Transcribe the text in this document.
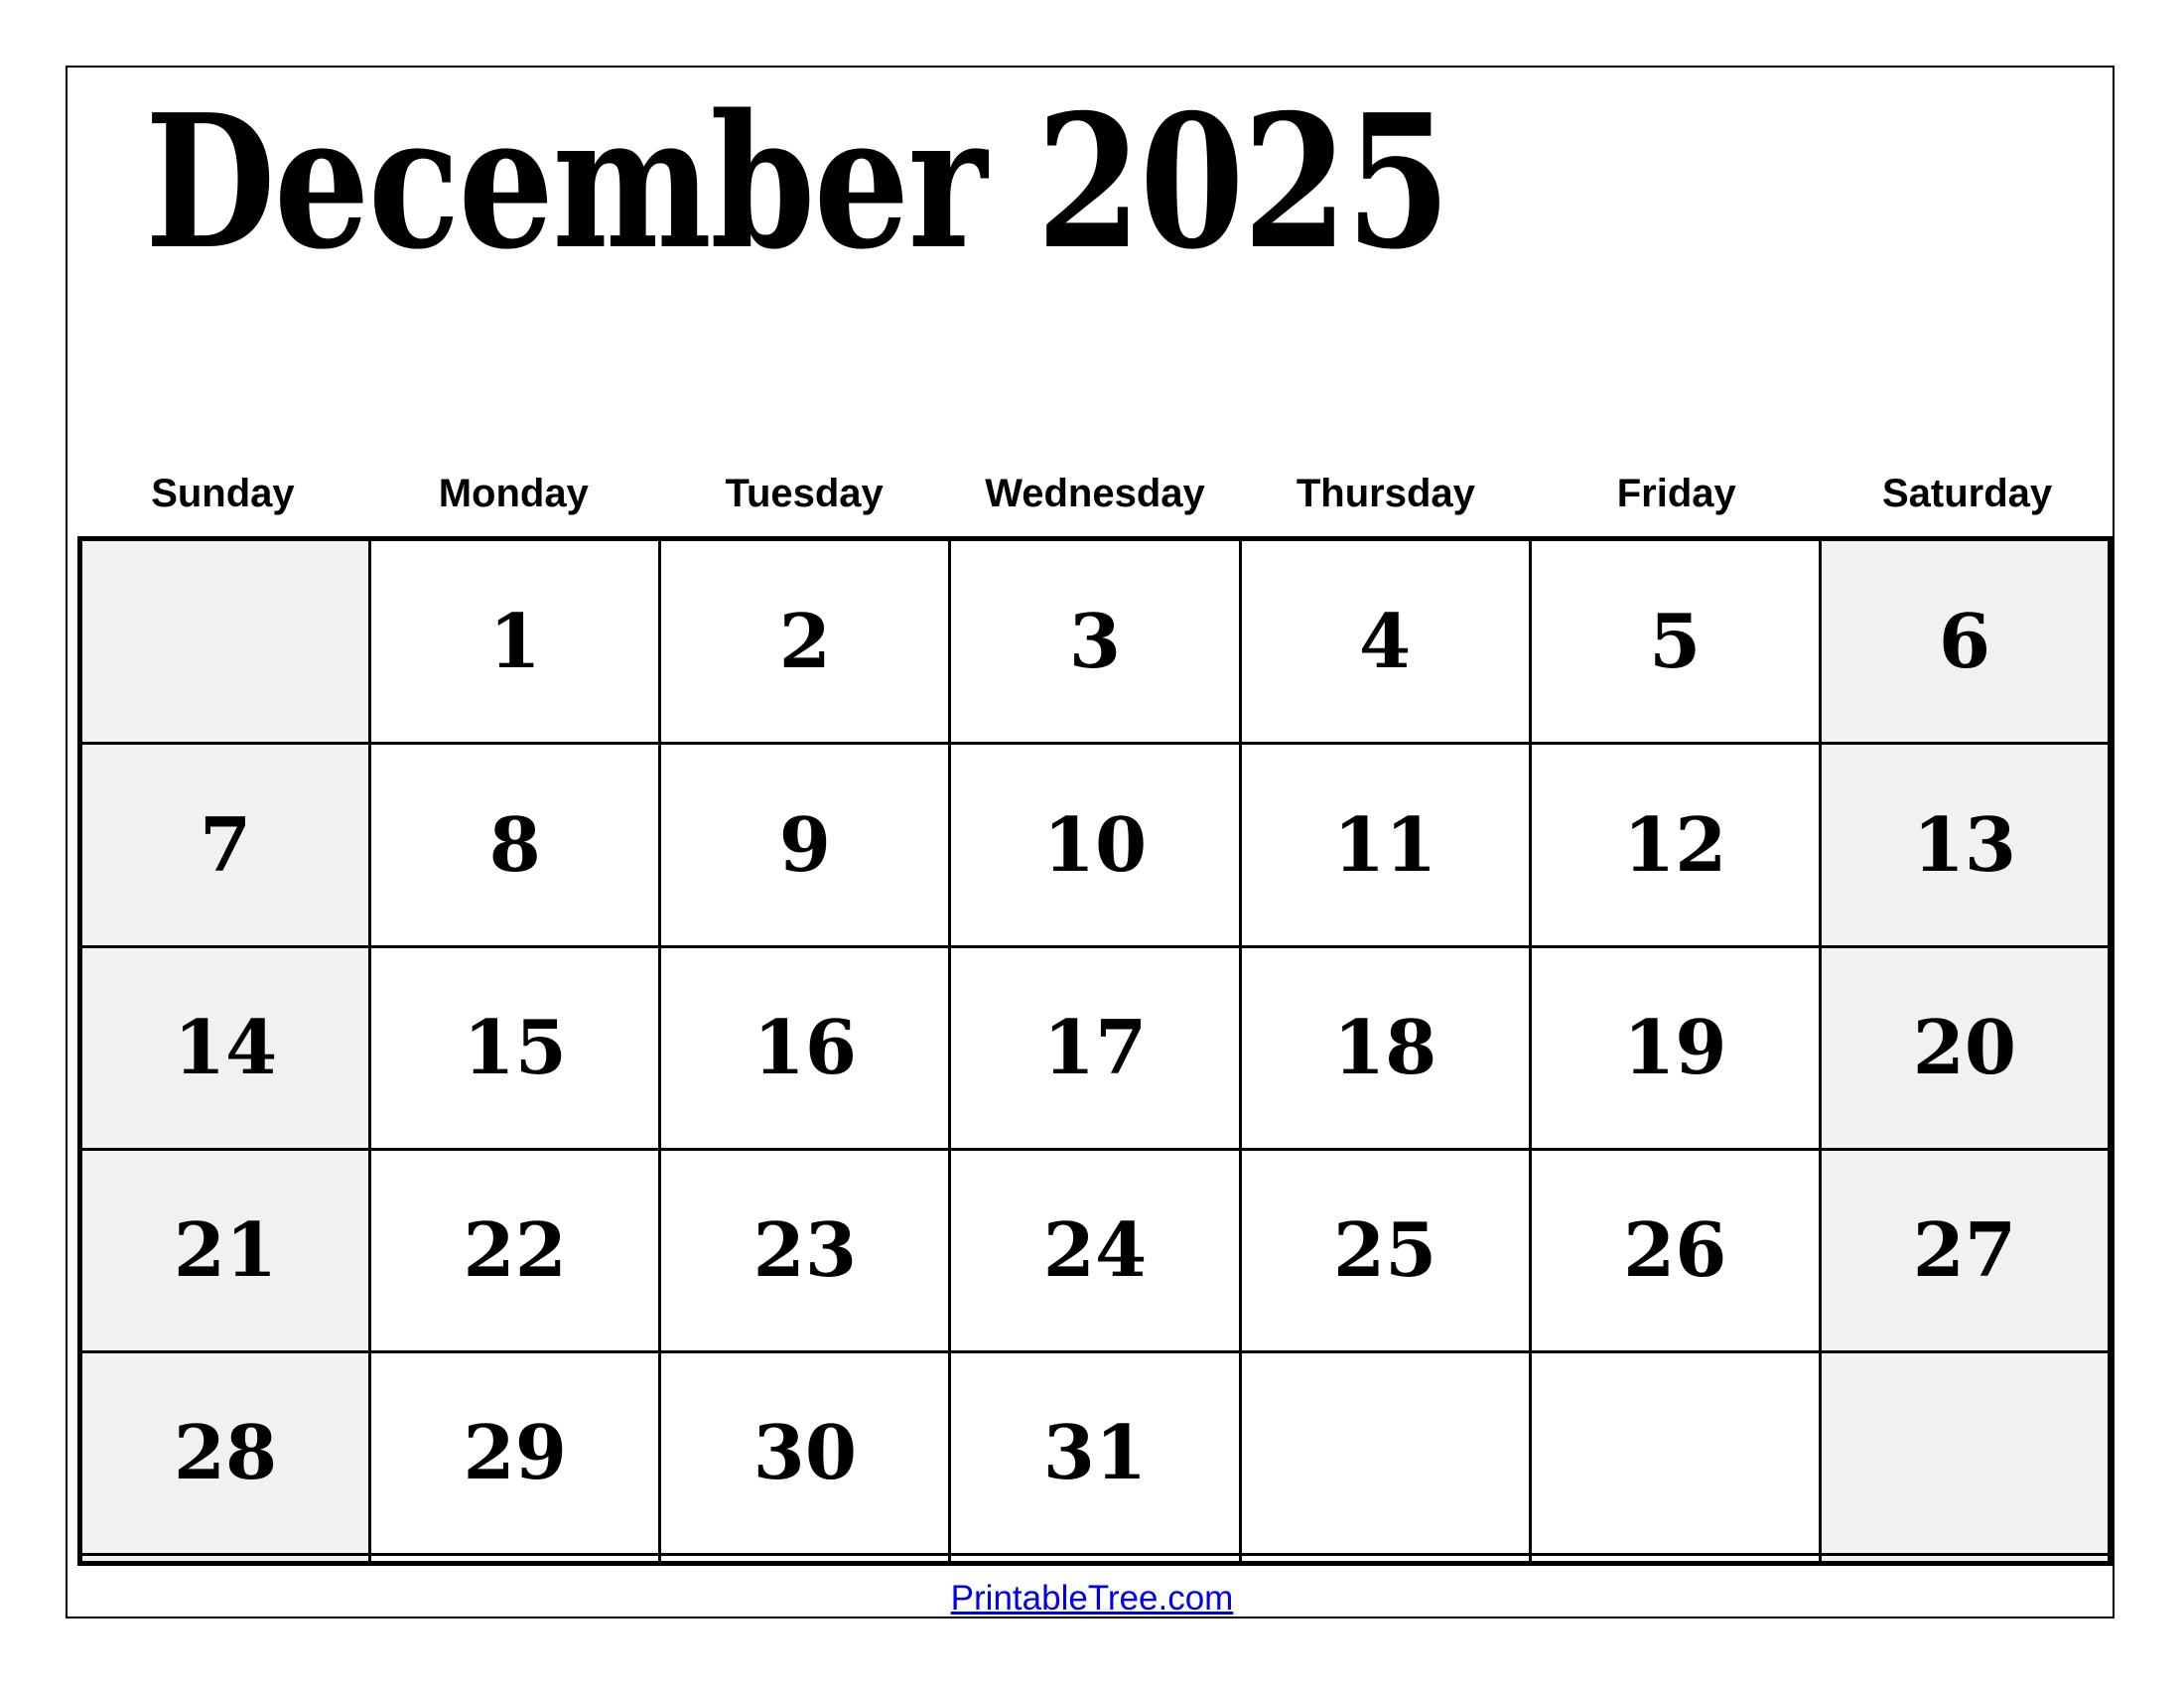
December 2025
Sunday	Monday	Tuesday	Wednesday	Thursday	Friday	Saturday
	1	2	3	4	5	6
7	8	9	10	11	12	13
14	15	16	17	18	19	20
21	22	23	24	25	26	27
28	29	30	31			

PrintableTree.com
